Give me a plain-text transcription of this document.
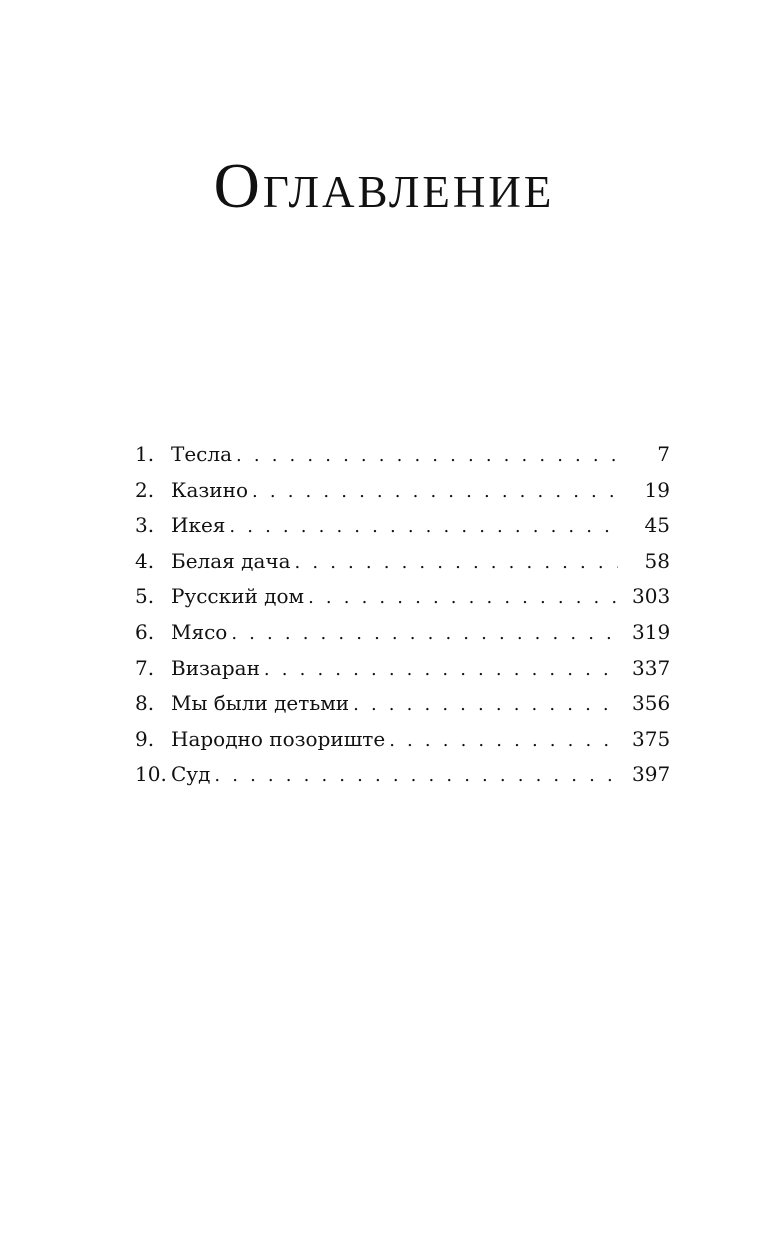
Оглавление
1. Тесла . . .	7
2. Казино . . .	19
3. Икея . . .	45
4. Белая дача . . .	58
5. Русский дом . . .	303
6. Мясо . . .	319
7. Визаран . . .	337
8. Мы были детьми . . .	356
9. Народно позориште . . .	375
10. Суд . . .	397
